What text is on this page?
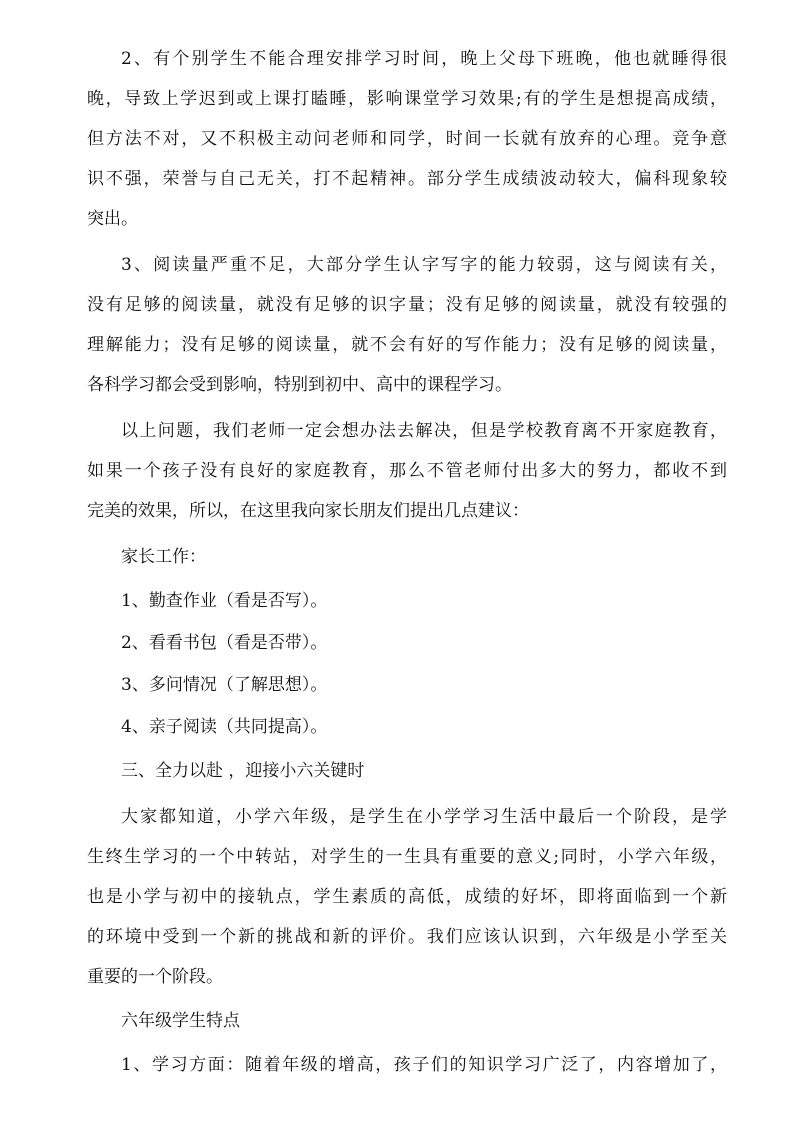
2、有个别学生不能合理安排学习时间，晚上父母下班晚，他也就睡得很
晚，导致上学迟到或上课打瞌睡，影响课堂学习效果;有的学生是想提高成绩，
但方法不对，又不积极主动问老师和同学，时间一长就有放弃的心理。竞争意
识不强，荣誉与自己无关，打不起精神。部分学生成绩波动较大，偏科现象较
突出。
3、阅读量严重不足，大部分学生认字写字的能力较弱，这与阅读有关，
没有足够的阅读量，就没有足够的识字量；没有足够的阅读量，就没有较强的
理解能力；没有足够的阅读量，就不会有好的写作能力；没有足够的阅读量，
各科学习都会受到影响，特别到初中、高中的课程学习。
以上问题，我们老师一定会想办法去解决，但是学校教育离不开家庭教育，
如果一个孩子没有良好的家庭教育，那么不管老师付出多大的努力，都收不到
完美的效果，所以，在这里我向家长朋友们提出几点建议：
家长工作：
1、勤查作业（看是否写）。
2、看看书包（看是否带）。
3、多问情况（了解思想）。
4、亲子阅读（共同提高）。
三、全力以赴 ，迎接小六关键时
大家都知道，小学六年级，是学生在小学学习生活中最后一个阶段，是学
生终生学习的一个中转站，对学生的一生具有重要的意义;同时，小学六年级，
也是小学与初中的接轨点，学生素质的高低，成绩的好坏，即将面临到一个新
的环境中受到一个新的挑战和新的评价。我们应该认识到，六年级是小学至关
重要的一个阶段。
六年级学生特点
1、学习方面：随着年级的增高，孩子们的知识学习广泛了，内容增加了，
